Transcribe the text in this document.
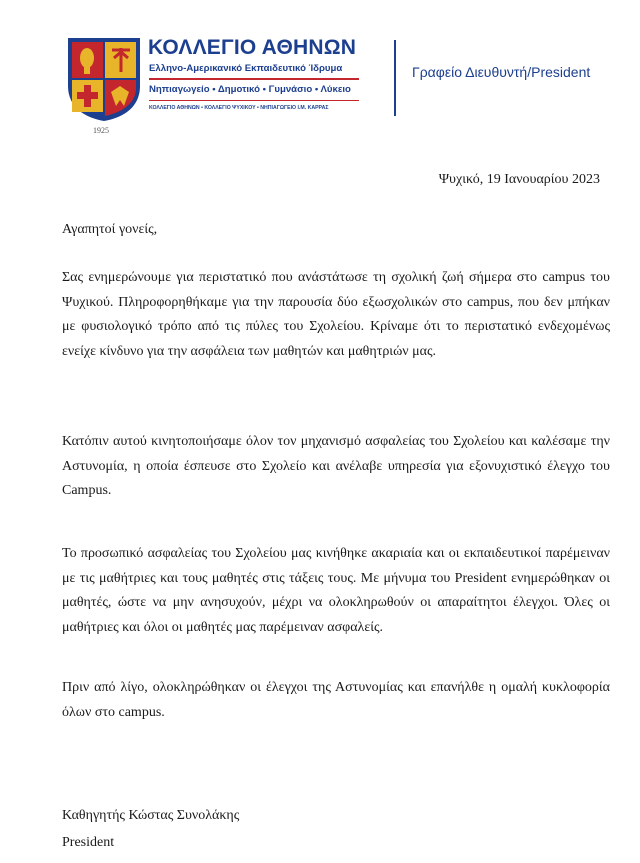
1925
ΚΟΛΛΕΓΙΟ ΑΘΗΝΩΝ
Ελληνο-Αμερικανικό Εκπαιδευτικό Ίδρυμα
Νηπιαγωγείο • Δημοτικό • Γυμνάσιο • Λύκειο
ΚΟΛΛΕΓΙΟ ΑΘΗΝΩΝ • ΚΟΛΛΕΓΙΟ ΨΥΧΙΚΟΥ • ΝΗΠΙΑΓΩΓΕΙΟ Ι.Μ. ΚΑΡΡΑΣ
Γραφείο Διευθυντή/President
Ψυχικό, 19 Ιανουαρίου 2023
Αγαπητοί γονείς,

Σας ενημερώνουμε για περιστατικό που ανάστάτωσε τη σχολική ζωή σήμερα στο campus του Ψυχικού. Πληροφορηθήκαμε για την παρουσία δύο εξωσχολικών στο campus, που δεν μπήκαν με φυσιολογικό τρόπο από τις πύλες του Σχολείου. Κρίναμε ότι το περιστατικό ενδεχομένως ενείχε κίνδυνο για την ασφάλεια των μαθητών και μαθητριών μας.

Κατόπιν αυτού κινητοποιήσαμε όλον τον μηχανισμό ασφαλείας του Σχολείου και καλέσαμε την Αστυνομία, η οποία έσπευσε στο Σχολείο και ανέλαβε υπηρεσία για εξονυχιστικό έλεγχο του Campus.

Το προσωπικό ασφαλείας του Σχολείου μας κινήθηκε ακαριαία και οι εκπαιδευτικοί παρέμειναν με τις μαθήτριες και τους μαθητές στις τάξεις τους. Με μήνυμα του President ενημερώθηκαν οι μαθητές, ώστε να μην ανησυχούν, μέχρι να ολοκληρωθούν οι απαραίτητοι έλεγχοι. Όλες οι μαθήτριες και όλοι οι μαθητές μας παρέμειναν ασφαλείς.

Πριν από λίγο, ολοκληρώθηκαν οι έλεγχοι της Αστυνομίας και επανήλθε η ομαλή κυκλοφορία όλων στο campus.

Καθηγητής Κώστας Συνολάκης
President
